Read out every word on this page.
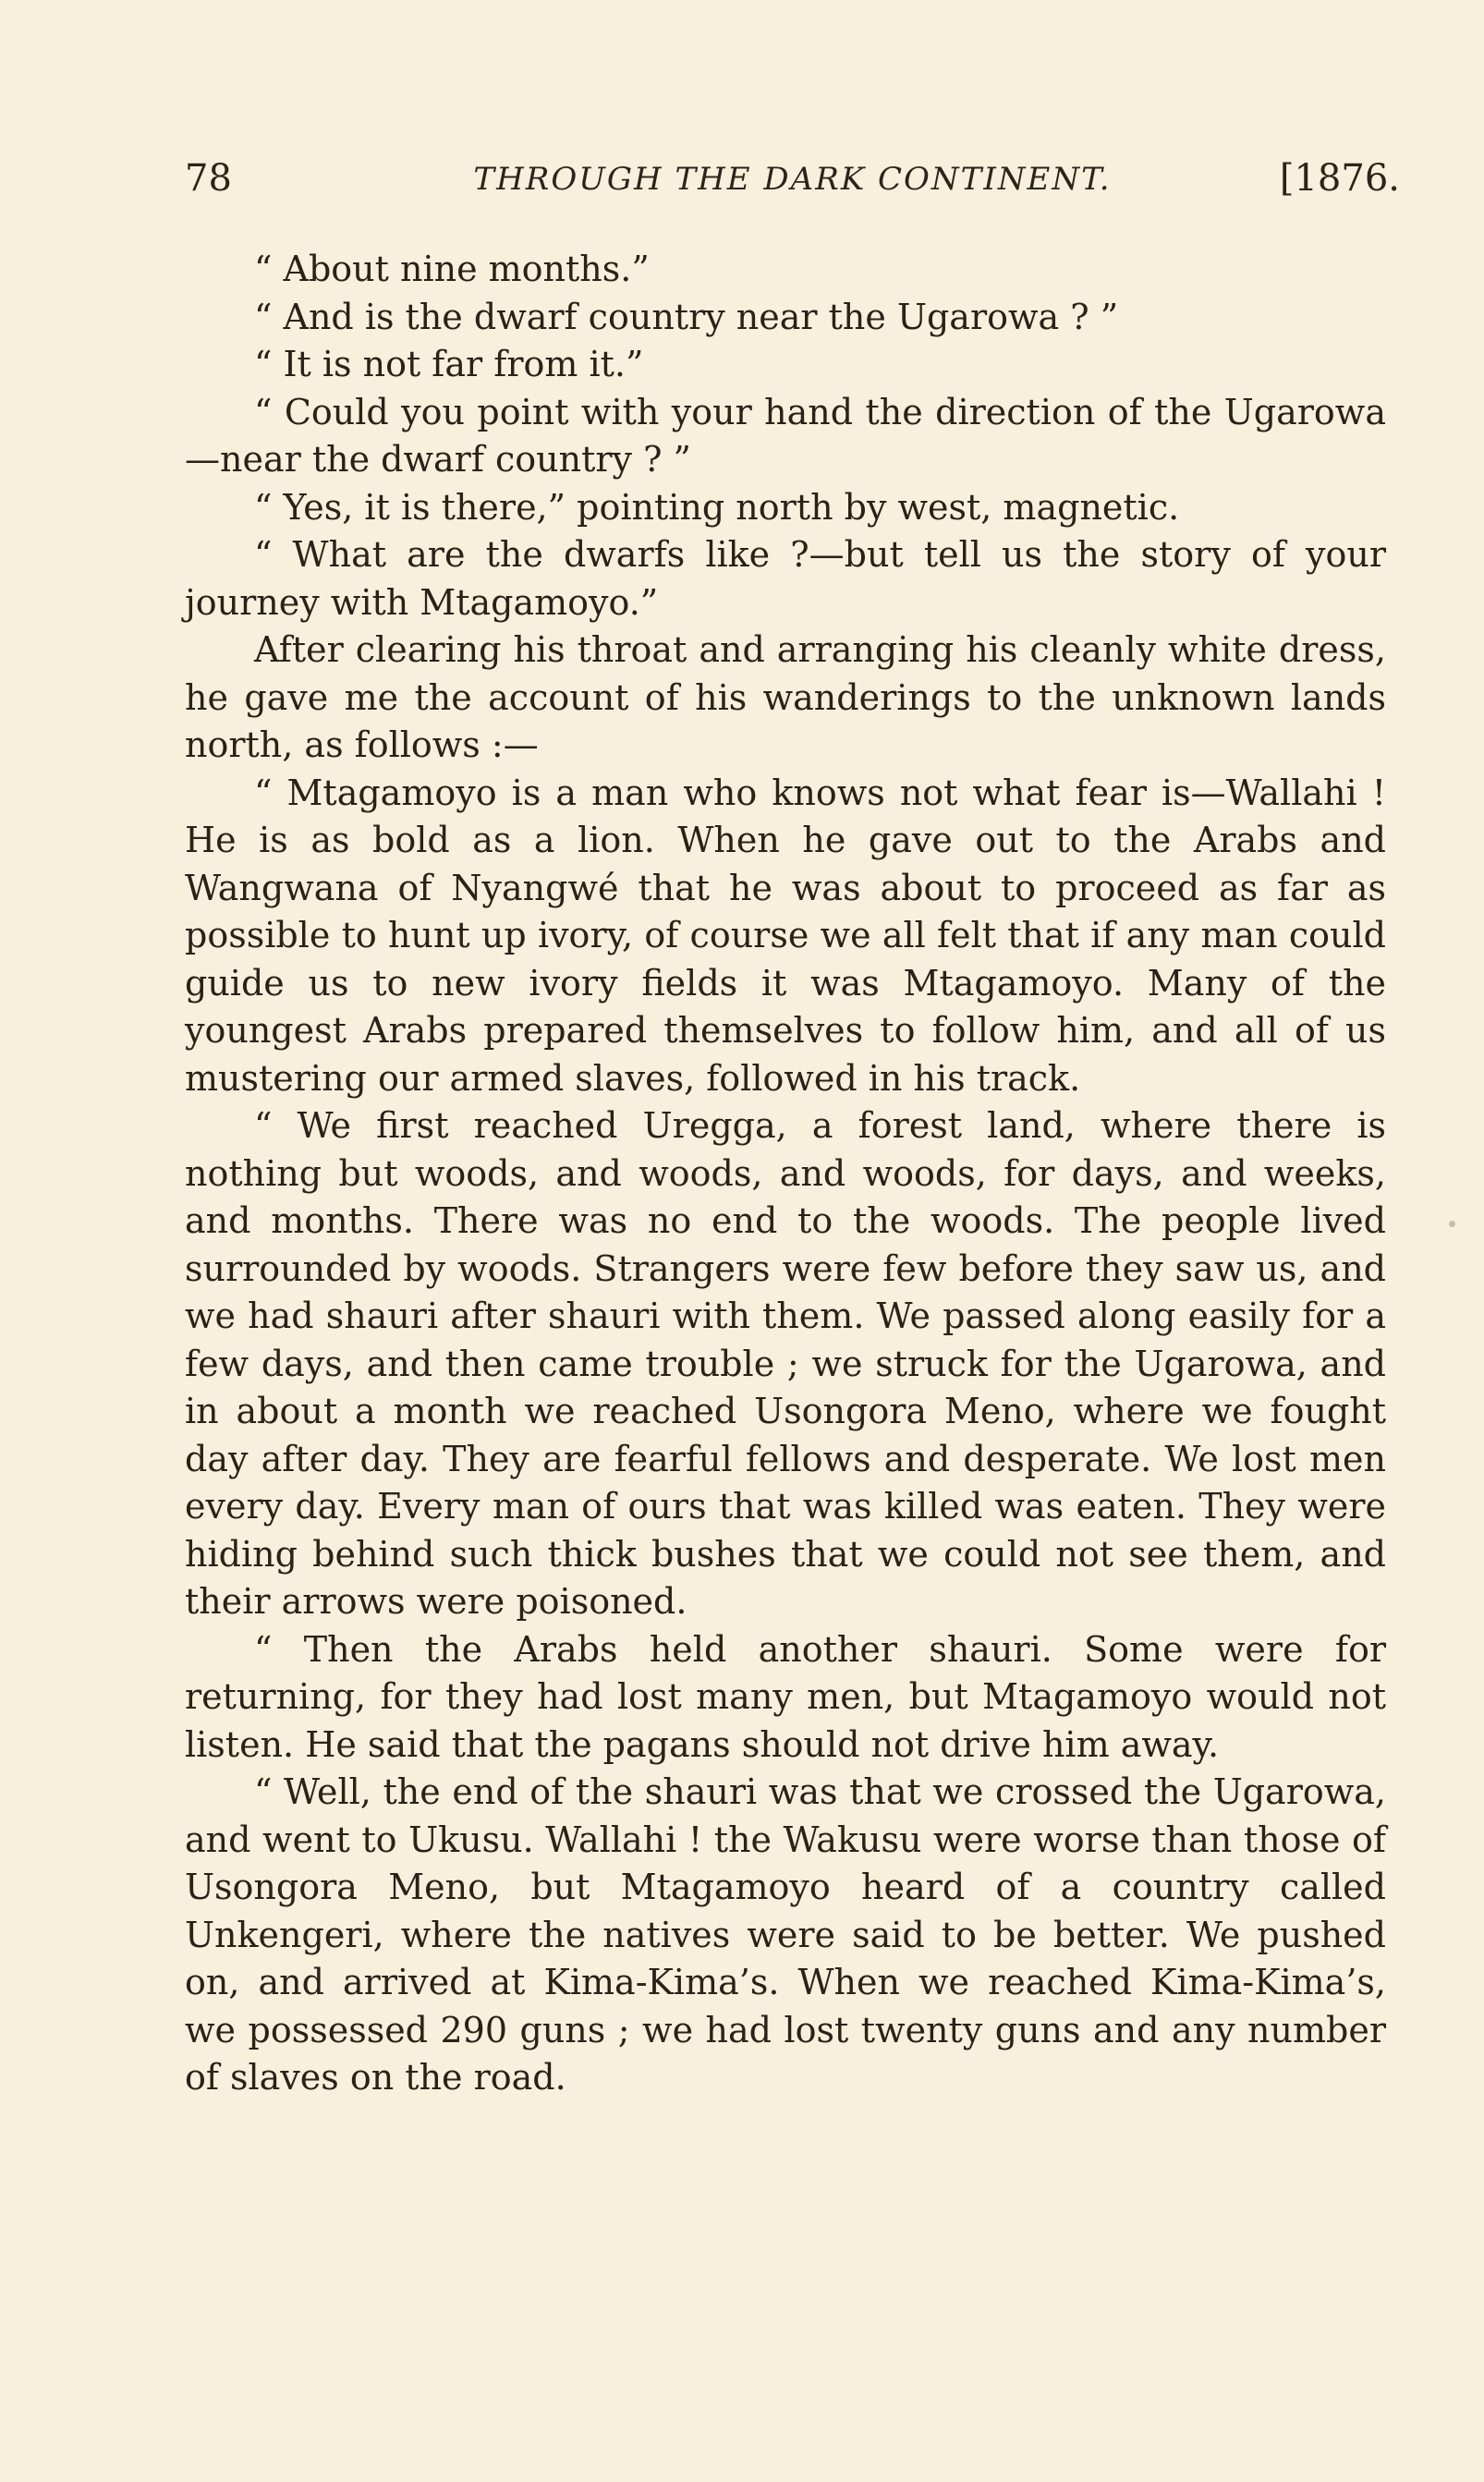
78	THROUGH THE DARK CONTINENT.	[1876.

“ About nine months.”

“ And is the dwarf country near the Ugarowa ? ”

“ It is not far from it.”

“ Could you point with your hand the direction of the Ugarowa—near the dwarf country ? ”

“ Yes, it is there,” pointing north by west, magnetic.

“ What are the dwarfs like ?—but tell us the story of your journey with Mtagamoyo.”

After clearing his throat and arranging his cleanly white dress, he gave me the account of his wanderings to the unknown lands north, as follows :—

“ Mtagamoyo is a man who knows not what fear is—Wallahi ! He is as bold as a lion. When he gave out to the Arabs and Wangwana of Nyangwé that he was about to proceed as far as possible to hunt up ivory, of course we all felt that if any man could guide us to new ivory fields it was Mtagamoyo. Many of the youngest Arabs prepared themselves to follow him, and all of us mustering our armed slaves, followed in his track.

“ We first reached Uregga, a forest land, where there is nothing but woods, and woods, and woods, for days, and weeks, and months. There was no end to the woods. The people lived surrounded by woods. Strangers were few before they saw us, and we had shauri after shauri with them. We passed along easily for a few days, and then came trouble ; we struck for the Ugarowa, and in about a month we reached Usongora Meno, where we fought day after day. They are fearful fellows and desperate. We lost men every day. Every man of ours that was killed was eaten. They were hiding behind such thick bushes that we could not see them, and their arrows were poisoned.

“ Then the Arabs held another shauri. Some were for returning, for they had lost many men, but Mtagamoyo would not listen. He said that the pagans should not drive him away.

“ Well, the end of the shauri was that we crossed the Ugarowa, and went to Ukusu. Wallahi ! the Wakusu were worse than those of Usongora Meno, but Mtagamoyo heard of a country called Unkengeri, where the natives were said to be better. We pushed on, and arrived at Kima-Kima’s. When we reached Kima-Kima’s, we possessed 290 guns ; we had lost twenty guns and any number of slaves on the road.
